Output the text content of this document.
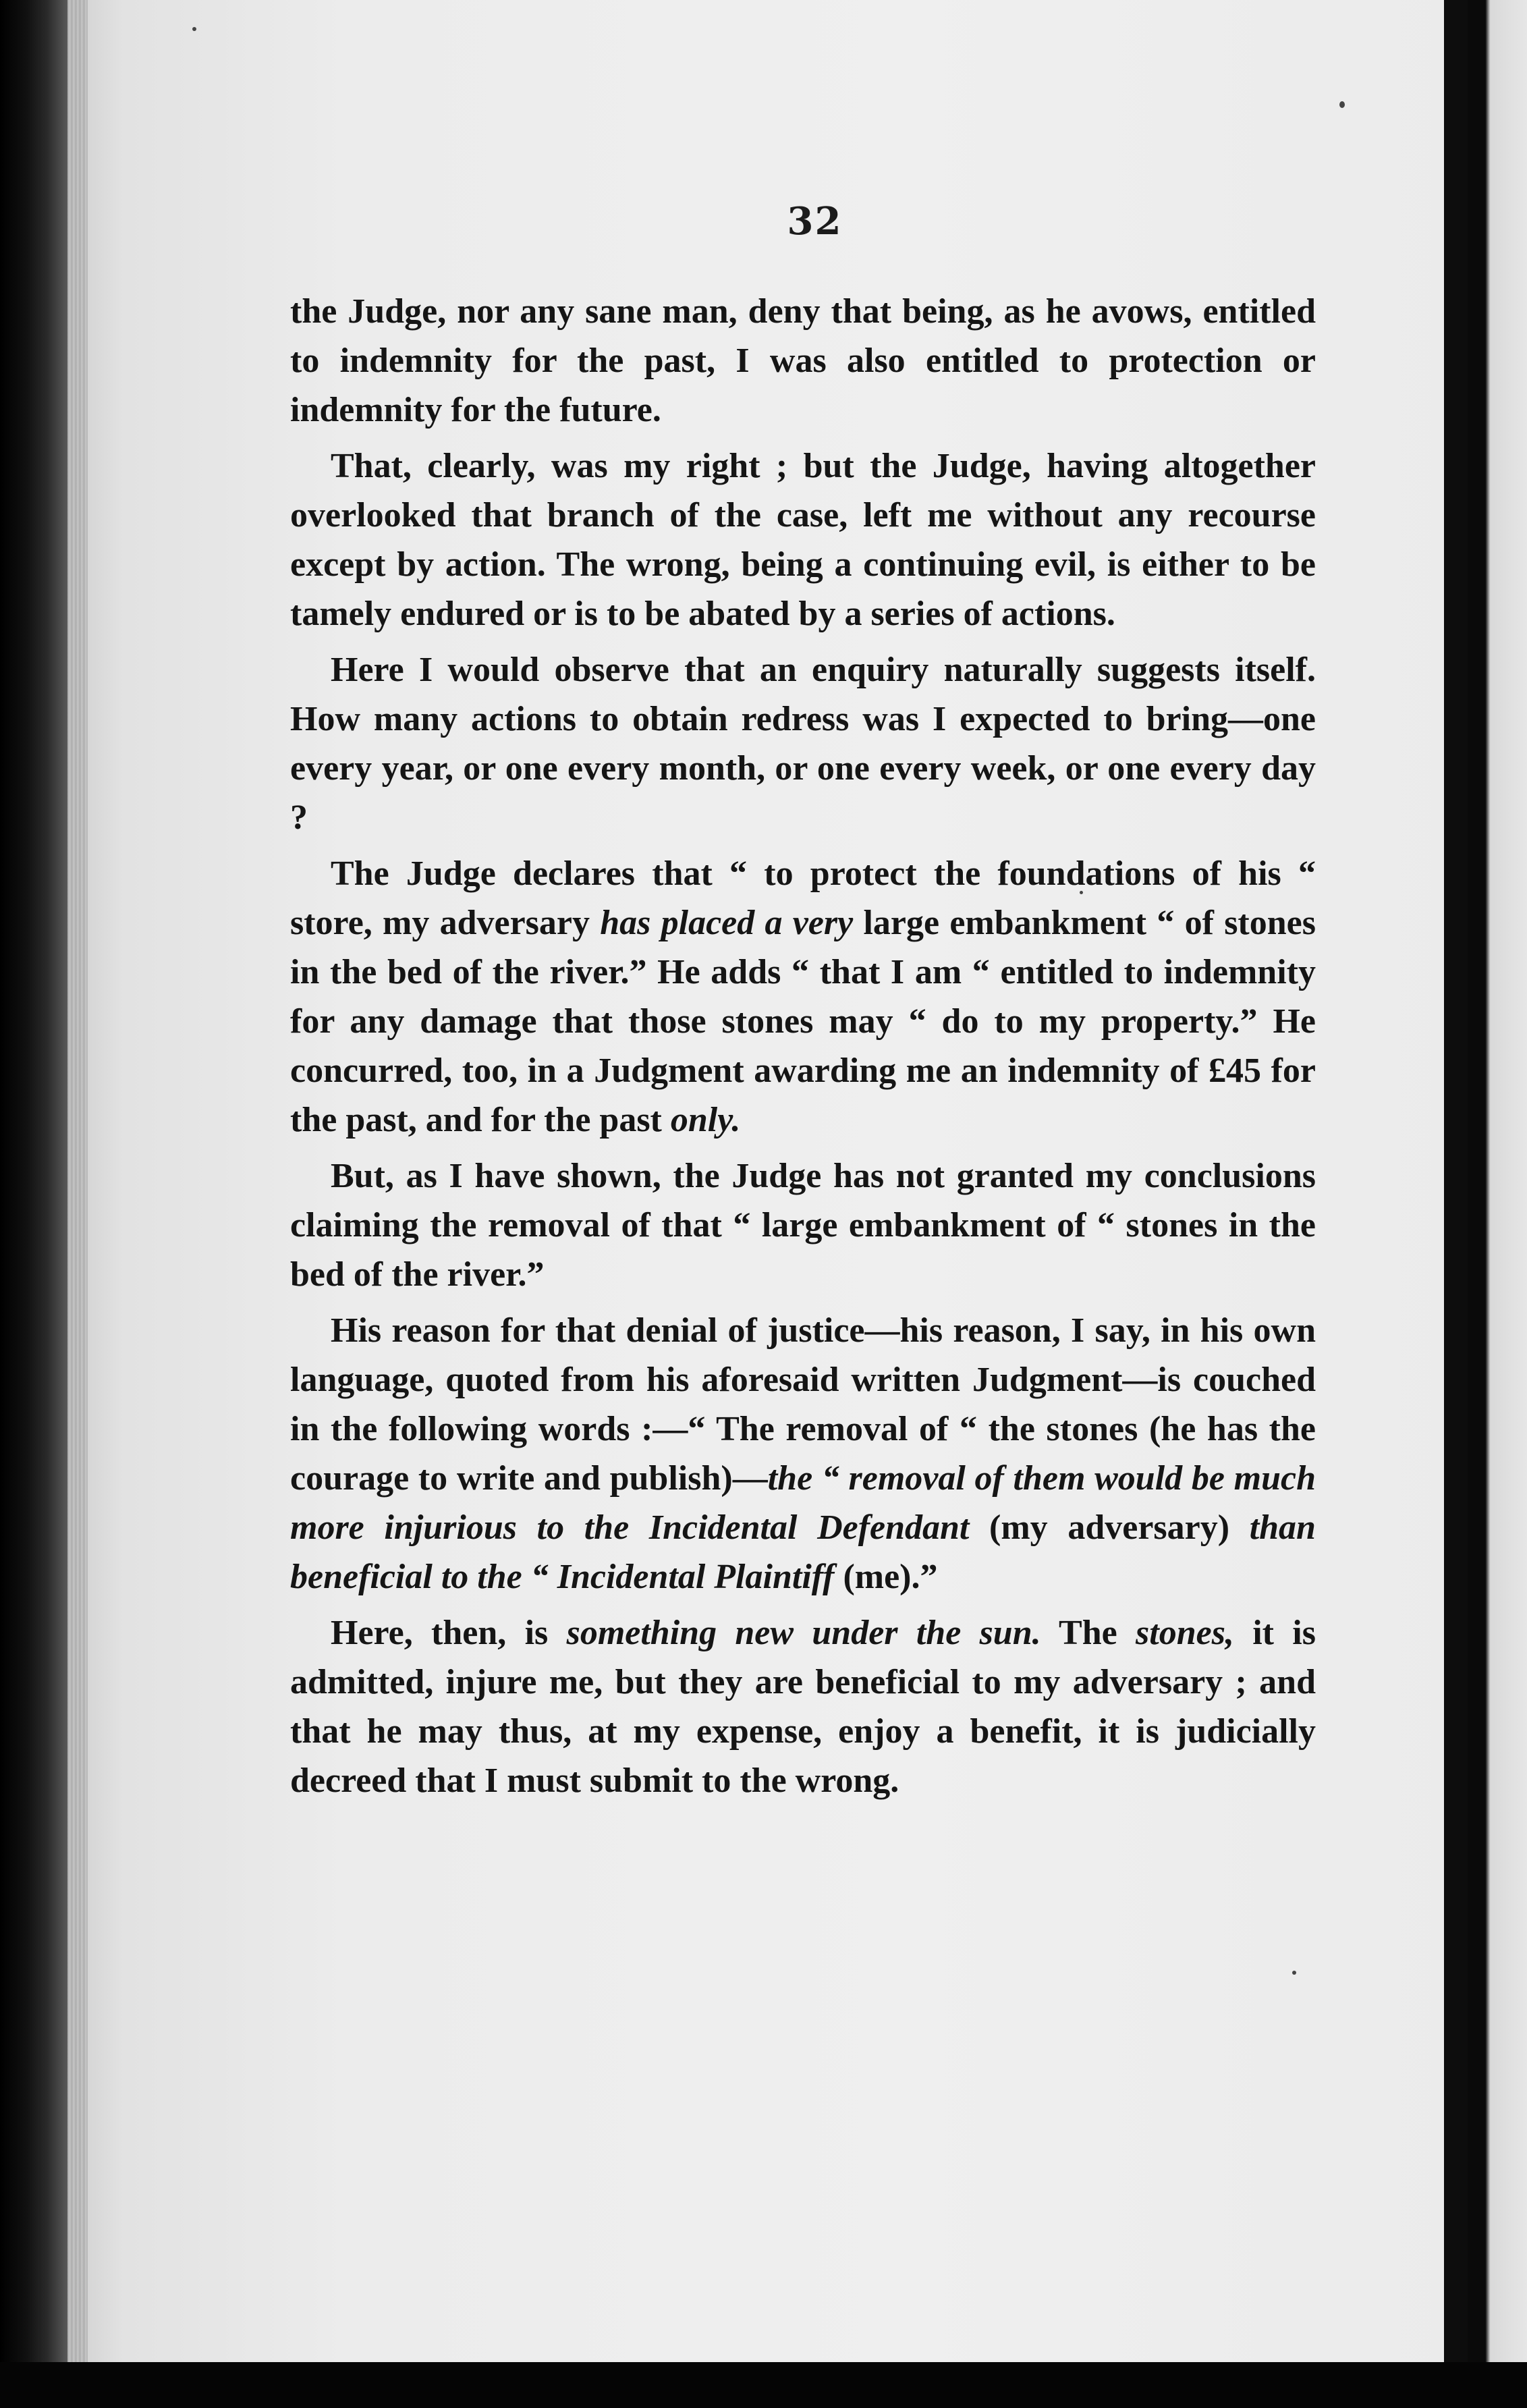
32

the Judge, nor any sane man, deny that being, as he avows, entitled to indemnity for the past, I was also entitled to protection or indemnity for the future.

That, clearly, was my right ; but the Judge, having altogether overlooked that branch of the case, left me without any recourse except by action. The wrong, being a continuing evil, is either to be tamely endured or is to be abated by a series of actions.

Here I would observe that an enquiry naturally suggests itself. How many actions to obtain redress was I expected to bring—one every year, or one every month, or one every week, or one every day ?

The Judge declares that “ to protect the foundations of his “ store, my adversary has placed a very large embankment “ of stones in the bed of the river.” He adds “ that I am “ entitled to indemnity for any damage that those stones may “ do to my property.” He concurred, too, in a Judgment awarding me an indemnity of £45 for the past, and for the past only.

But, as I have shown, the Judge has not granted my conclusions claiming the removal of that “ large embankment of “ stones in the bed of the river.”

His reason for that denial of justice—his reason, I say, in his own language, quoted from his aforesaid written Judgment—is couched in the following words :—“ The removal of “ the stones (he has the courage to write and publish)—the “ removal of them would be much more injurious to the Incidental Defendant (my adversary) than beneficial to the “ Incidental Plaintiff (me).”

Here, then, is something new under the sun. The stones, it is admitted, injure me, but they are beneficial to my adversary ; and that he may thus, at my expense, enjoy a benefit, it is judicially decreed that I must submit to the wrong.
